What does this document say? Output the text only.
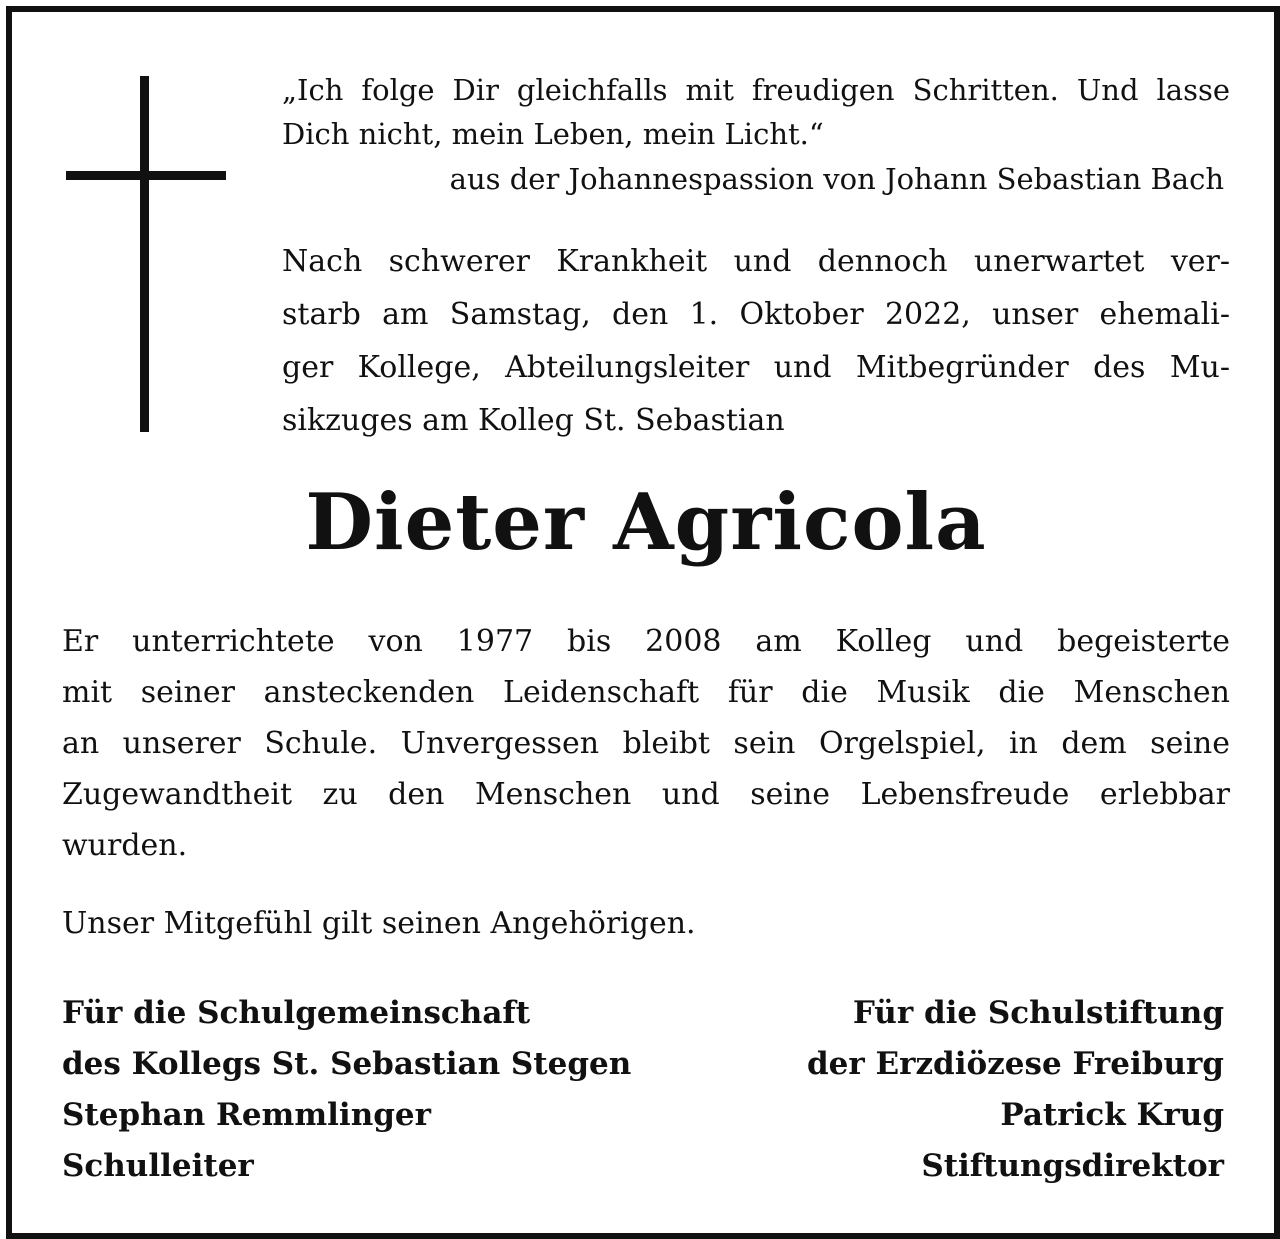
„Ich folge Dir gleichfalls mit freudigen Schritten. Und lasse
Dich nicht, mein Leben, mein Licht.“

aus der Johannespassion von Johann Sebastian Bach

Nach schwerer Krankheit und dennoch unerwartet ver-
starb am Samstag, den 1. Oktober 2022, unser ehemali-
ger Kollege, Abteilungsleiter und Mitbegründer des Mu-
sikzuges am Kolleg St. Sebastian

Dieter Agricola

Er unterrichtete von 1977 bis 2008 am Kolleg und begeisterte
mit seiner ansteckenden Leidenschaft für die Musik die Menschen
an unserer Schule. Unvergessen bleibt sein Orgelspiel, in dem seine
Zugewandtheit zu den Menschen und seine Lebensfreude erlebbar
wurden.

Unser Mitgefühl gilt seinen Angehörigen.

Für die Schulgemeinschaft
des Kollegs St. Sebastian Stegen
Stephan Remmlinger
Schulleiter
Für die Schulstiftung
der Erzdiözese Freiburg
Patrick Krug
Stiftungsdirektor
